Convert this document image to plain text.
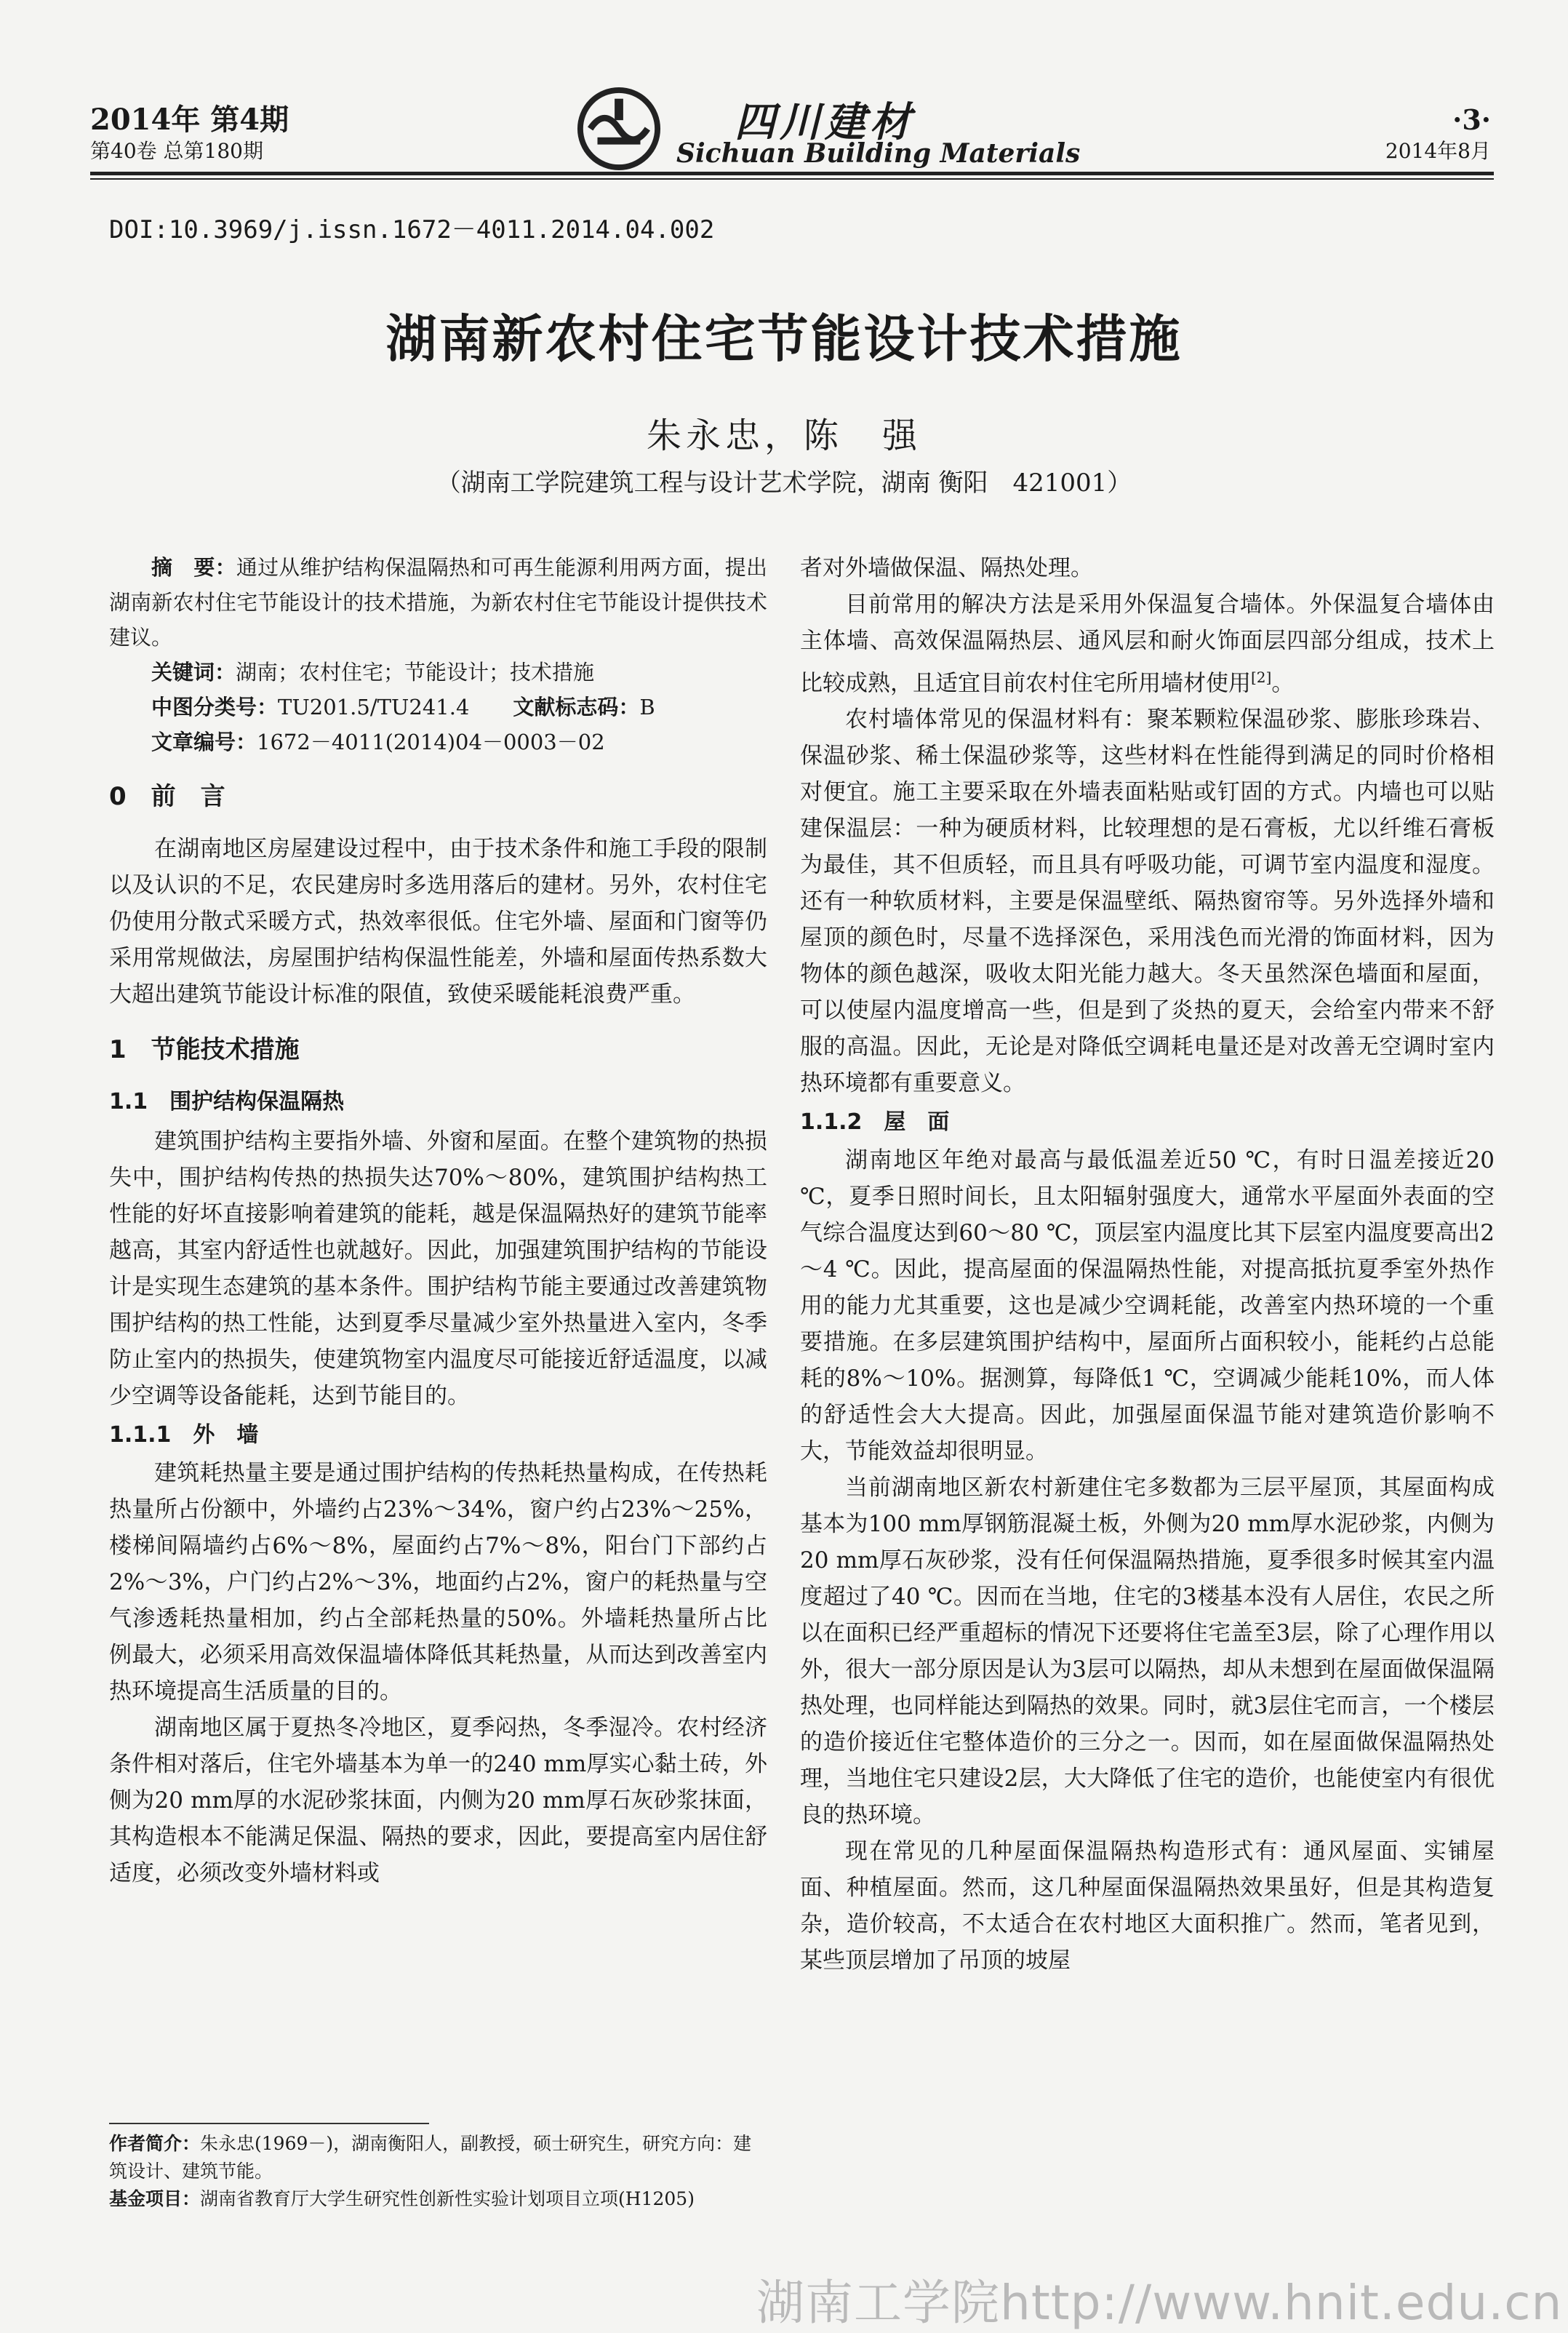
2014年 第4期
第40卷 总第180期
四川建材
Sichuan Building Materials
·3·
2014年8月
DOI:10.3969/j.issn.1672－4011.2014.04.002
湖南新农村住宅节能设计技术措施
朱永忠，陈　强
（湖南工学院建筑工程与设计艺术学院，湖南 衡阳　421001）

摘　要：通过从维护结构保温隔热和可再生能源利用两方面，提出湖南新农村住宅节能设计的技术措施，为新农村住宅节能设计提供技术建议。

关键词：湖南；农村住宅；节能设计；技术措施

中图分类号：TU201.5/TU241.4 文献标志码：B

文章编号：1672－4011(2014)04－0003－02

0　前　言

在湖南地区房屋建设过程中，由于技术条件和施工手段的限制以及认识的不足，农民建房时多选用落后的建材。另外，农村住宅仍使用分散式采暖方式，热效率很低。住宅外墙、屋面和门窗等仍采用常规做法，房屋围护结构保温性能差，外墙和屋面传热系数大大超出建筑节能设计标准的限值，致使采暖能耗浪费严重。

1　节能技术措施
1.1　围护结构保温隔热

建筑围护结构主要指外墙、外窗和屋面。在整个建筑物的热损失中，围护结构传热的热损失达70%～80%，建筑围护结构热工性能的好坏直接影响着建筑的能耗，越是保温隔热好的建筑节能率越高，其室内舒适性也就越好。因此，加强建筑围护结构的节能设计是实现生态建筑的基本条件。围护结构节能主要通过改善建筑物围护结构的热工性能，达到夏季尽量减少室外热量进入室内，冬季防止室内的热损失，使建筑物室内温度尽可能接近舒适温度，以减少空调等设备能耗，达到节能目的。

1.1.1　外　墙

建筑耗热量主要是通过围护结构的传热耗热量构成，在传热耗热量所占份额中，外墙约占23%～34%，窗户约占23%～25%，楼梯间隔墙约占6%～8%，屋面约占7%～8%，阳台门下部约占2%～3%，户门约占2%～3%，地面约占2%，窗户的耗热量与空气渗透耗热量相加，约占全部耗热量的50%。外墙耗热量所占比例最大，必须采用高效保温墙体降低其耗热量，从而达到改善室内热环境提高生活质量的目的。

湖南地区属于夏热冬冷地区，夏季闷热，冬季湿冷。农村经济条件相对落后，住宅外墙基本为单一的240 mm厚实心黏土砖，外侧为20 mm厚的水泥砂浆抹面，内侧为20 mm厚石灰砂浆抹面，其构造根本不能满足保温、隔热的要求，因此，要提高室内居住舒适度，必须改变外墙材料或

者对外墙做保温、隔热处理。

目前常用的解决方法是采用外保温复合墙体。外保温复合墙体由主体墙、高效保温隔热层、通风层和耐火饰面层四部分组成，技术上比较成熟，且适宜目前农村住宅所用墙材使用[2]。

农村墙体常见的保温材料有：聚苯颗粒保温砂浆、膨胀珍珠岩、保温砂浆、稀土保温砂浆等，这些材料在性能得到满足的同时价格相对便宜。施工主要采取在外墙表面粘贴或钉固的方式。内墙也可以贴建保温层：一种为硬质材料，比较理想的是石膏板，尤以纤维石膏板为最佳，其不但质轻，而且具有呼吸功能，可调节室内温度和湿度。还有一种软质材料，主要是保温壁纸、隔热窗帘等。另外选择外墙和屋顶的颜色时，尽量不选择深色，采用浅色而光滑的饰面材料，因为物体的颜色越深，吸收太阳光能力越大。冬天虽然深色墙面和屋面，可以使屋内温度增高一些，但是到了炎热的夏天，会给室内带来不舒服的高温。因此，无论是对降低空调耗电量还是对改善无空调时室内热环境都有重要意义。

1.1.2　屋　面

湖南地区年绝对最高与最低温差近50 ℃，有时日温差接近20 ℃，夏季日照时间长，且太阳辐射强度大，通常水平屋面外表面的空气综合温度达到60～80 ℃，顶层室内温度比其下层室内温度要高出2～4 ℃。因此，提高屋面的保温隔热性能，对提高抵抗夏季室外热作用的能力尤其重要，这也是减少空调耗能，改善室内热环境的一个重要措施。在多层建筑围护结构中，屋面所占面积较小，能耗约占总能耗的8%～10%。据测算，每降低1 ℃，空调减少能耗10%，而人体的舒适性会大大提高。因此，加强屋面保温节能对建筑造价影响不大，节能效益却很明显。

当前湖南地区新农村新建住宅多数都为三层平屋顶，其屋面构成基本为100 mm厚钢筋混凝土板，外侧为20 mm厚水泥砂浆，内侧为20 mm厚石灰砂浆，没有任何保温隔热措施，夏季很多时候其室内温度超过了40 ℃。因而在当地，住宅的3楼基本没有人居住，农民之所以在面积已经严重超标的情况下还要将住宅盖至3层，除了心理作用以外，很大一部分原因是认为3层可以隔热，却从未想到在屋面做保温隔热处理，也同样能达到隔热的效果。同时，就3层住宅而言，一个楼层的造价接近住宅整体造价的三分之一。因而，如在屋面做保温隔热处理，当地住宅只建设2层，大大降低了住宅的造价，也能使室内有很优良的热环境。

现在常见的几种屋面保温隔热构造形式有：通风屋面、实铺屋面、种植屋面。然而，这几种屋面保温隔热效果虽好，但是其构造复杂，造价较高，不太适合在农村地区大面积推广。然而，笔者见到，某些顶层增加了吊顶的坡屋

作者简介：朱永忠(1969－)，湖南衡阳人，副教授，硕士研究生，研究方向：建筑设计、建筑节能。

基金项目：湖南省教育厅大学生研究性创新性实验计划项目立项(H1205)

湖南工学院http://www.hnit.edu.cn
